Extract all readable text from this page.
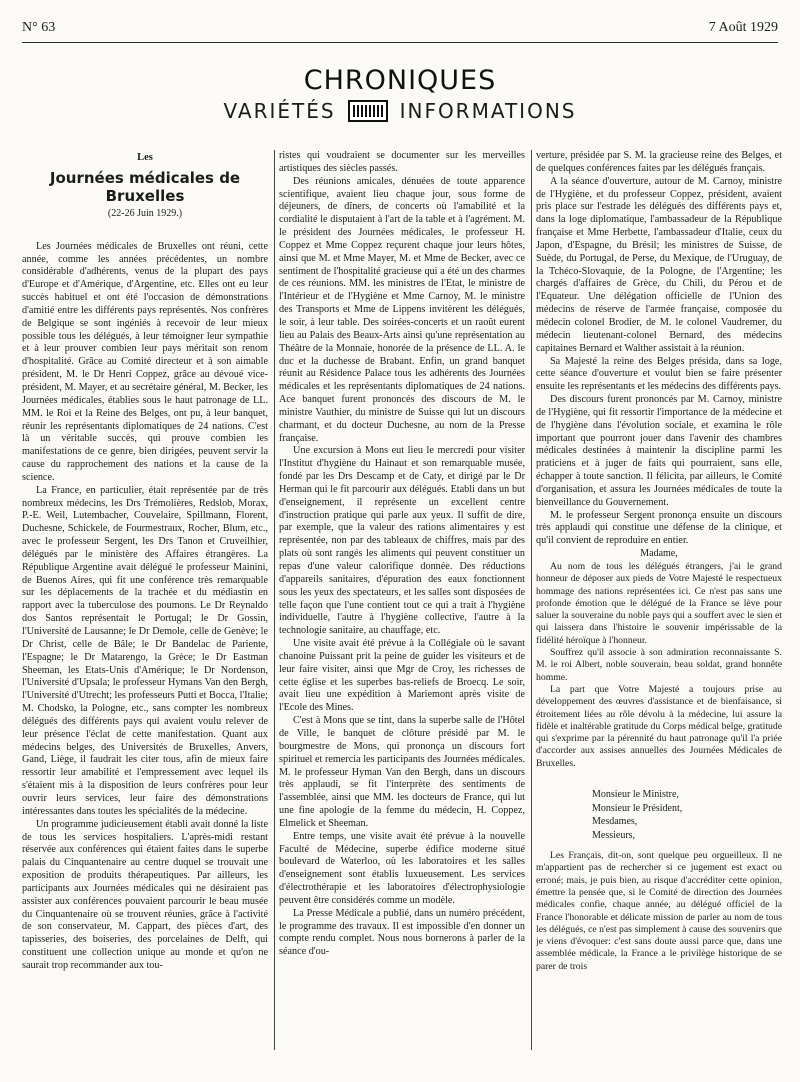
N° 63	7 Août 1929
CHRONIQUES
VARIÉTÉS	INFORMATIONS
Les
Journées médicales de Bruxelles
(22-26 Juin 1929.)

Les Journées médicales de Bruxelles ont réuni, cette année, comme les années précédentes, un nombre considérable d'adhérents, venus de la plupart des pays d'Europe et d'Amérique, d'Argentine, etc. Elles ont eu leur succès habituel et ont été l'occasion de démonstrations d'amitié entre les différents pays représentés. Nos confrères de Belgique se sont ingéniés à recevoir de leur mieux possible tous les délégués, à leur témoigner leur sympathie et à leur prouver combien leur pays méritait son renom d'hospitalité. Grâce au Comité directeur et à son aimable président, M. le Dr Henri Coppez, grâce au dévoué vice-président, M. Mayer, et au secrétaire général, M. Becker, les Journées médicales, établies sous le haut patronage de LL. MM. le Roi et la Reine des Belges, ont pu, à leur banquet, réunir les représentants diplomatiques de 24 nations. C'est là un véritable succès, qui prouve combien les manifestations de ce genre, bien dirigées, peuvent servir la cause du rapprochement des nations et la cause de la science.

La France, en particulier, était représentée par de très nombreux médecins, les Drs Trémolières, Redslob, Morax, P.-E. Weil, Lutembacher, Couvelaire, Spillmann, Florent, Duchesne, Schickele, de Fourmestraux, Rocher, Blum, etc., avec le professeur Sergent, les Drs Tanon et Cruveilhier, délégués par le ministère des Affaires étrangères. La République Argentine avait délégué le professeur Mainini, de Buenos Aires, qui fit une conférence très remarquable sur les déplacements de la trachée et du médiastin en rapport avec la tuberculose des poumons. Le Dr Reynaldo dos Santos représentait le Portugal; le Dr Gossin, l'Université de Lausanne; le Dr Demole, celle de Genève; le Dr Christ, celle de Bâle; le Dr Bandelac de Pariente, l'Espagne; le Dr Matarengo, la Grèce; le Dr Eastman Sheeman, les Etats-Unis d'Amérique; le Dr Nordenson, l'Université d'Upsala; le professeur Hymans Van den Bergh, l'Université d'Utrecht; les professeurs Putti et Bocca, l'Italie; M. Chodsko, la Pologne, etc., sans compter les nombreux délégués des différents pays qui avaient voulu relever de leur présence l'éclat de cette manifestation. Quant aux médecins belges, des Universités de Bruxelles, Anvers, Gand, Liège, il faudrait les citer tous, afin de mieux faire ressortir leur amabilité et l'empressement avec lequel ils s'étaient mis à la disposition de leurs confrères pour leur ouvrir leurs services, leur faire des démonstrations intéressantes dans toutes les spécialités de la médecine.

Un programme judicieusement établi avait donné la liste de tous les services hospitaliers. L'après-midi restant réservée aux conférences qui étaient faites dans le superbe palais du Cinquantenaire au centre duquel se trouvait une exposition de produits thérapeutiques. Par ailleurs, les participants aux Journées médicales qui ne désiraient pas assister aux conférences pouvaient parcourir le beau musée du Cinquantenaire où se trouvent réunies, grâce à l'activité de son conservateur, M. Cappart, des pièces d'art, des tapisseries, des boiseries, des porcelaines de Delft, qui constituent une collection unique au monde et qu'on ne saurait trop recommander aux tou-

ristes qui voudraient se documenter sur les merveilles artistiques des siècles passés.

Des réunions amicales, dénuées de toute apparence scientifique, avaient lieu chaque jour, sous forme de déjeuners, de dîners, de concerts où l'amabilité et la cordialité le disputaient à l'art de la table et à l'agrément. M. le président des Journées médicales, le professeur H. Coppez et Mme Coppez reçurent chaque jour leurs hôtes, ainsi que M. et Mme Mayer, M. et Mme de Becker, avec ce sentiment de l'hospitalité gracieuse qui a été un des charmes de ces réunions. MM. les ministres de l'Etat, le ministre de l'Intérieur et de l'Hygiène et Mme Carnoy, M. le ministre des Transports et Mme de Lippens invitèrent les délégués, le soir, à leur table. Des soirées-concerts et un raoût eurent lieu au Palais des Beaux-Arts ainsi qu'une représentation au Théâtre de la Monnaie, honorée de la présence de LL. A. le duc et la duchesse de Brabant. Enfin, un grand banquet réunit au Résidence Palace tous les adhérents des Journées médicales et les représentants diplomatiques de 24 nations. Ace banquet furent prononcés des discours de M. le ministre Vauthier, du ministre de Suisse qui lut un discours charmant, et du docteur Duchesne, au nom de la Presse française.

Une excursion à Mons eut lieu le mercredi pour visiter l'Institut d'hygiène du Hainaut et son remarquable musée, fondé par les Drs Descamp et de Caty, et dirigé par le Dr Herman qui le fit parcourir aux délégués. Etabli dans un but d'enseignement, il représente un excellent centre d'instruction pratique qui parle aux yeux. Il suffit de dire, par exemple, que la valeur des rations alimentaires y est représentée, non par des tableaux de chiffres, mais par des plats où sont rangés les aliments qui peuvent constituer un repas d'une valeur calorifique donnée. Des réductions d'appareils sanitaires, d'épuration des eaux fonctionnent sous les yeux des spectateurs, et les salles sont disposées de telle façon que l'une contient tout ce qui a trait à l'hygiène individuelle, l'autre à l'hygiène collective, l'autre à la technologie sanitaire, au chauffage, etc.

Une visite avait été prévue à la Collégiale où le savant chanoine Puissant prit la peine de guider les visiteurs et de leur faire visiter, ainsi que Mgr de Croy, les richesses de cette église et les superbes bas-reliefs de Broecq. Le soir, avait lieu une expédition à Mariemont après visite de l'Ecole des Mines.

C'est à Mons que se tint, dans la superbe salle de l'Hôtel de Ville, le banquet de clôture présidé par M. le bourgmestre de Mons, qui prononça un discours fort spirituel et remercia les participants des Journées médicales. M. le professeur Hyman Van den Bergh, dans un discours très applaudi, se fit l'interprète des sentiments de l'assemblée, ainsi que MM. les docteurs de France, qui lut une fine apologie de la femme du médecin, H. Coppez, Elmelick et Sheeman.

Entre temps, une visite avait été prévue à la nouvelle Faculté de Médecine, superbe édifice moderne situé boulevard de Waterloo, où les laboratoires et les salles d'enseignement sont établis luxueusement. Les services d'électrothérapie et les laboratoires d'électrophysiologie peuvent être considérés comme un modèle.

La Presse Médicale a publié, dans un numéro précédent, le programme des travaux. Il est impossible d'en donner un compte rendu complet. Nous nous bornerons à parler de la séance d'ou-

verture, présidée par S. M. la gracieuse reine des Belges, et de quelques conférences faites par les délégués français.

A la séance d'ouverture, autour de M. Carnoy, ministre de l'Hygiène, et du professeur Coppez, président, avaient pris place sur l'estrade les délégués des différents pays et, dans la loge diplomatique, l'ambassadeur de la République française et Mme Herbette, l'ambassadeur d'Italie, ceux du Japon, d'Espagne, du Brésil; les ministres de Suisse, de Suède, du Portugal, de Perse, du Mexique, de l'Uruguay, de la Tchéco-Slovaquie, de la Pologne, de l'Argentine; les chargés d'affaires de Grèce, du Chili, du Pérou et de l'Equateur. Une délégation officielle de l'Union des médecins de réserve de l'armée française, composée du médecin colonel Brodier, de M. le colonel Vaudremer, du médecin lieutenant-colonel Bernard, des médecins capitaines Bernard et Walther assistait à la réunion.

Sa Majesté la reine des Belges présida, dans sa loge, cette séance d'ouverture et voulut bien se faire présenter ensuite les représentants et les médecins des différents pays.

Des discours furent prononcés par M. Carnoy, ministre de l'Hygiène, qui fit ressortir l'importance de la médecine et de l'hygiène dans l'évolution sociale, et examina le rôle important que pourront jouer dans l'avenir des chambres médicales destinées à maintenir la discipline parmi les praticiens et à juger de faits qui pourraient, sans elle, échapper à toute sanction. Il félicita, par ailleurs, le Comité d'organisation, et assura les Journées médicales de toute la bienveillance du Gouvernement.

M. le professeur Sergent prononça ensuite un discours très applaudi qui constitue une défense de la clinique, et qu'il convient de reproduire en entier.

Madame,

Au nom de tous les délégués étrangers, j'ai le grand honneur de déposer aux pieds de Votre Majesté le respectueux hommage des nations représentées ici. Ce n'est pas sans une profonde émotion que le délégué de la France se lève pour saluer la souveraine du noble pays qui a souffert avec le sien et qui laissera dans l'histoire le souvenir impérissable de la fidélité héroïque à l'honneur.

Souffrez qu'il associe à son admiration reconnaissante S. M. le roi Albert, noble souverain, beau soldat, grand honnête homme.

La part que Votre Majesté a toujours prise au développement des œuvres d'assistance et de bienfaisance, si étroitement liées au rôle dévolu à la médecine, lui assure la fidèle et inaltérable gratitude du Corps médical belge, gratitude qui s'exprime par la pérennité du haut patronage qu'il l'a priée d'accorder aux assises annuelles des Journées Médicales de Bruxelles.

Monsieur le Ministre,
Monsieur le Président,
Mesdames,
Messieurs,

Les Français, dit-on, sont quelque peu orgueilleux. Il ne m'appartient pas de rechercher si ce jugement est exact ou erroné; mais, je puis bien, au risque d'accréditer cette opinion, émettre la pensée que, si le Comité de direction des Journées médicales confie, chaque année, au délégué officiel de la France l'honorable et délicate mission de parler au nom de tous les délégués, ce n'est pas simplement à cause des souvenirs que je viens d'évoquer: c'est sans doute aussi parce que, dans une assemblée médicale, la France a le privilège historique de se parer de trois
